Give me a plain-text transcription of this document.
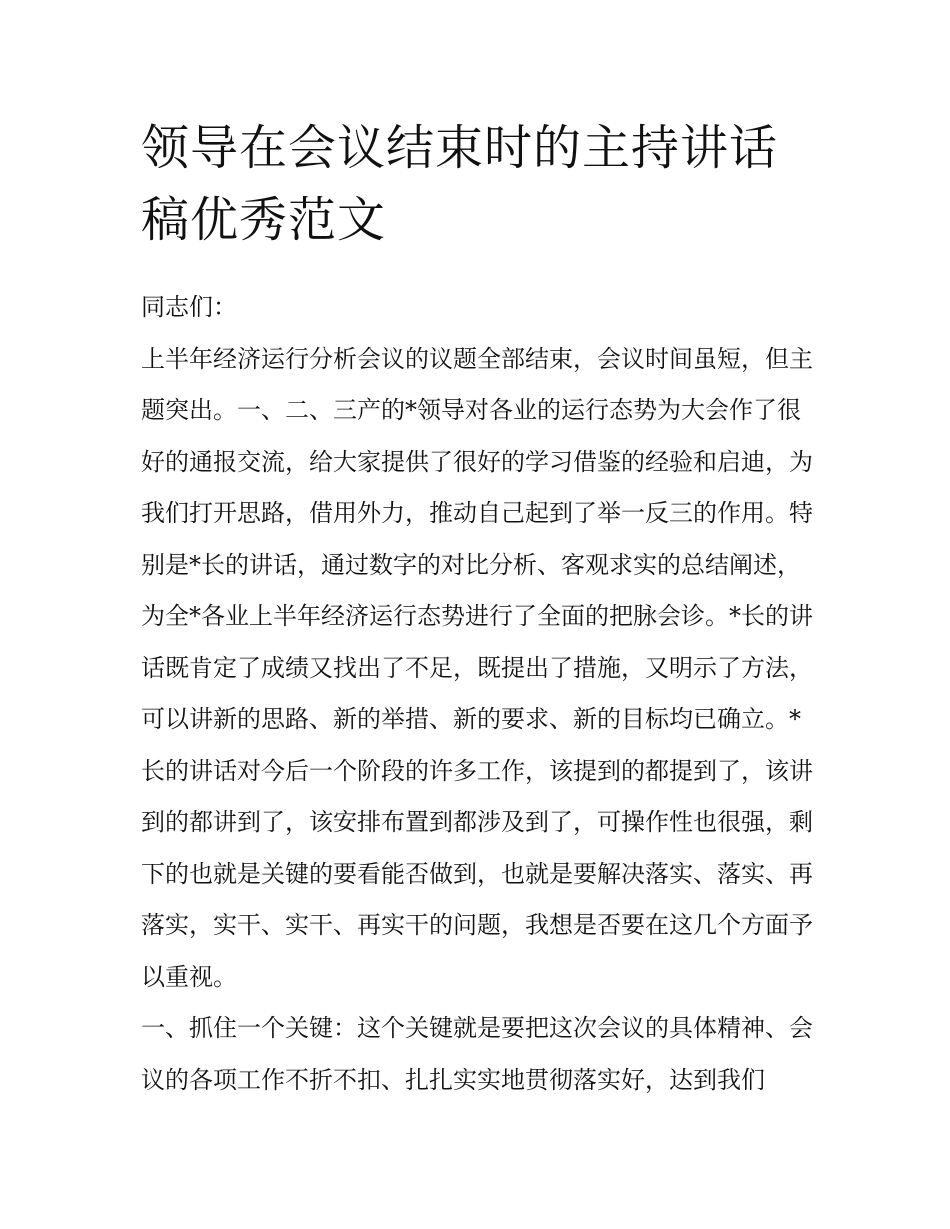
领导在会议结束时的主持讲话稿优秀范文

同志们：

上半年经济运行分析会议的议题全部结束，会议时间虽短，但主题突出。一、二、三产的*领导对各业的运行态势为大会作了很好的通报交流，给大家提供了很好的学习借鉴的经验和启迪，为我们打开思路，借用外力，推动自己起到了举一反三的作用。特别是*长的讲话，通过数字的对比分析、客观求实的总结阐述，为全*各业上半年经济运行态势进行了全面的把脉会诊。*长的讲话既肯定了成绩又找出了不足，既提出了措施，又明示了方法，可以讲新的思路、新的举措、新的要求、新的目标均已确立。*长的讲话对今后一个阶段的许多工作，该提到的都提到了，该讲到的都讲到了，该安排布置到都涉及到了，可操作性也很强，剩下的也就是关键的要看能否做到，也就是要解决落实、落实、再落实，实干、实干、再实干的问题，我想是否要在这几个方面予以重视。

一、抓住一个关键：这个关键就是要把这次会议的具体精神、会议的各项工作不折不扣、扎扎实实地贯彻落实好，达到我们
